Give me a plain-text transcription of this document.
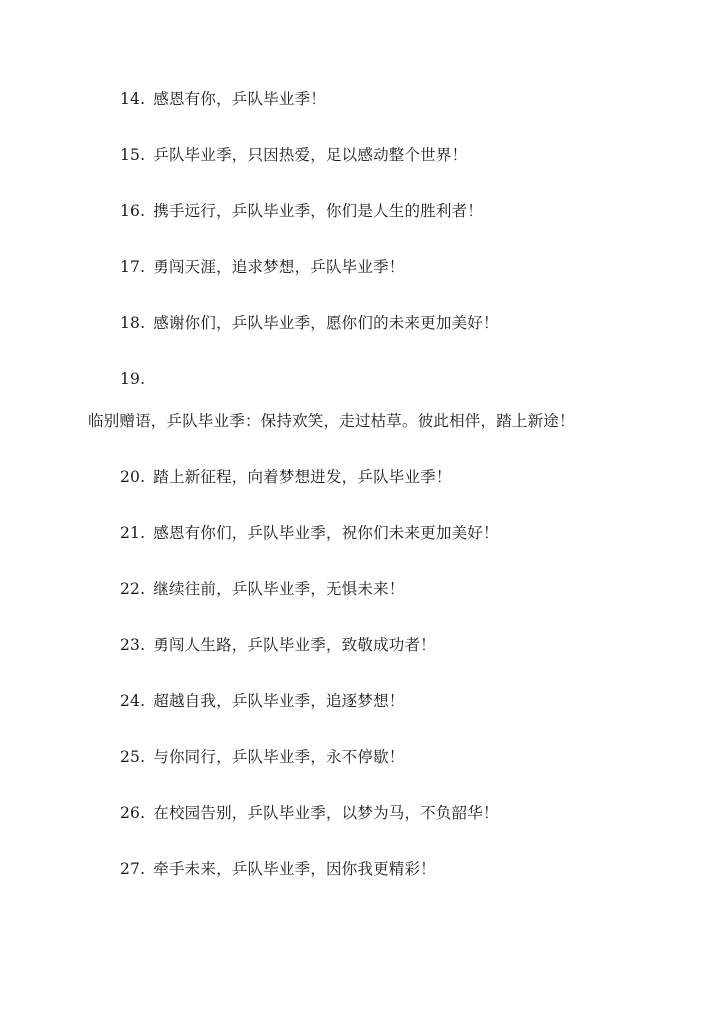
14. 感恩有你，乒队毕业季！
15. 乒队毕业季，只因热爱，足以感动整个世界！
16. 携手远行，乒队毕业季，你们是人生的胜利者！
17. 勇闯天涯，追求梦想，乒队毕业季！
18. 感谢你们，乒队毕业季，愿你们的未来更加美好！
19.
临别赠语，乒队毕业季：保持欢笑，走过枯草。彼此相伴，踏上新途！
20. 踏上新征程，向着梦想进发，乒队毕业季！
21. 感恩有你们，乒队毕业季，祝你们未来更加美好！
22. 继续往前，乒队毕业季，无惧未来！
23. 勇闯人生路，乒队毕业季，致敬成功者！
24. 超越自我，乒队毕业季，追逐梦想！
25. 与你同行，乒队毕业季，永不停歇！
26. 在校园告别，乒队毕业季，以梦为马，不负韶华！
27. 牵手未来，乒队毕业季，因你我更精彩！
